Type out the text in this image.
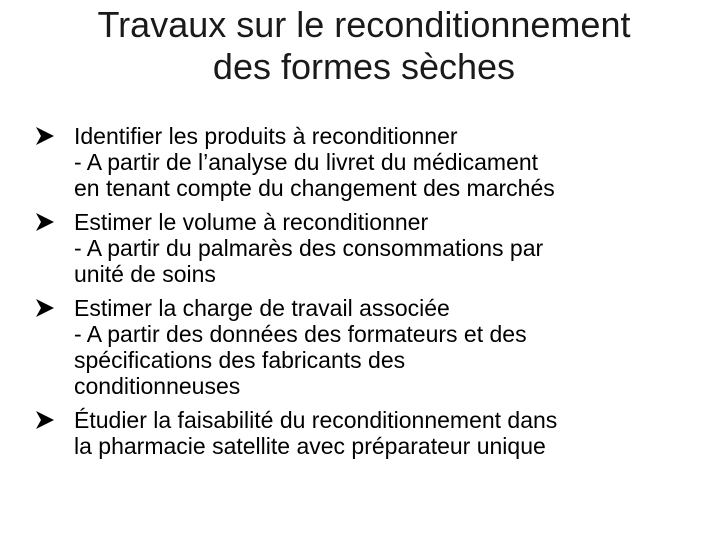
Travaux sur le reconditionnement
des formes sèches
Identifier les produits à reconditionner
- A partir de l’analyse du livret du médicament
en tenant compte du changement des marchés
Estimer le volume à reconditionner
- A partir du palmarès des consommations par
unité de soins
Estimer la charge de travail associée
- A partir des données des formateurs et des
spécifications des fabricants des
conditionneuses
Étudier la faisabilité du reconditionnement dans
la pharmacie satellite avec préparateur unique
